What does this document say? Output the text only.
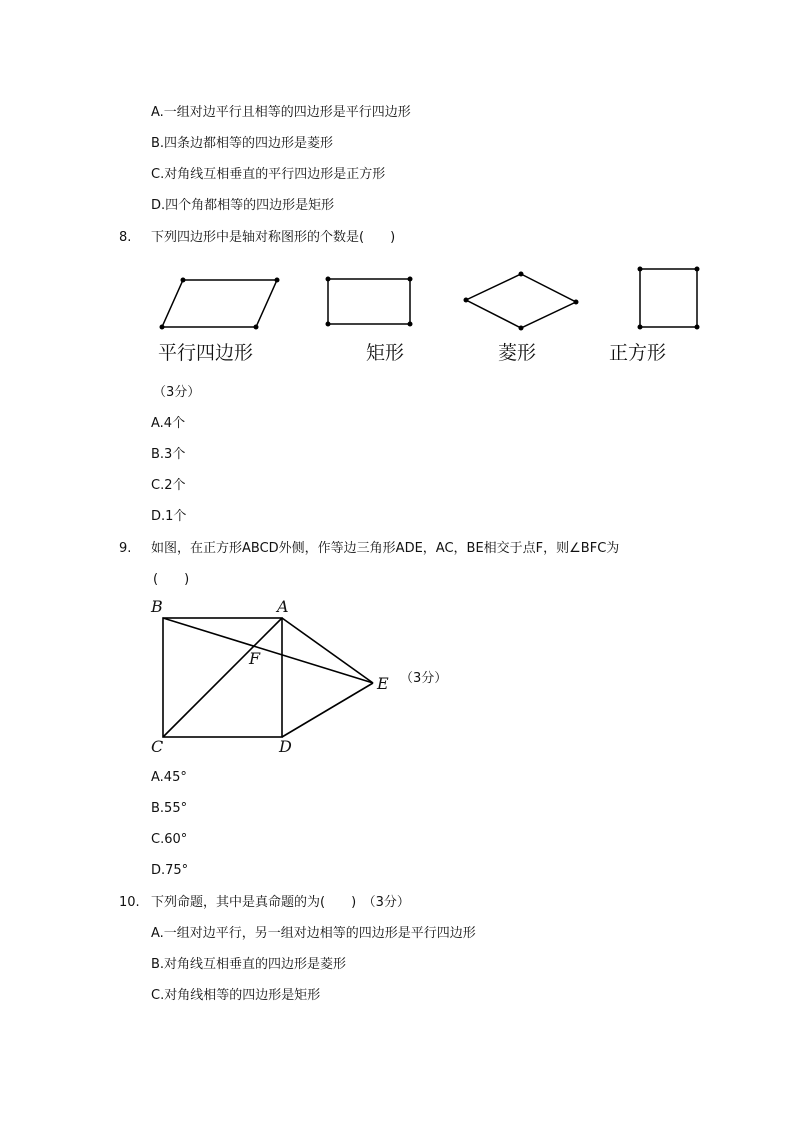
A.一组对边平行且相等的四边形是平行四边形
B.四条边都相等的四边形是菱形
C.对角线互相垂直的平行四边形是正方形
D.四个角都相等的四边形是矩形
8. 下列四边形中是轴对称图形的个数是(　　)
平行四边形	矩形	菱形	正方形
（3分）
A.4个
B.3个
C.2个
D.1个
9. 如图，在正方形ABCD外侧，作等边三角形ADE，AC，BE相交于点F，则∠BFC为
(　　)
B	A
F
E
C	D
（3分）
A.45°
B.55°
C.60°
D.75°
10. 下列命题，其中是真命题的为(　　)　（3分）
A.一组对边平行，另一组对边相等的四边形是平行四边形
B.对角线互相垂直的四边形是菱形
C.对角线相等的四边形是矩形
